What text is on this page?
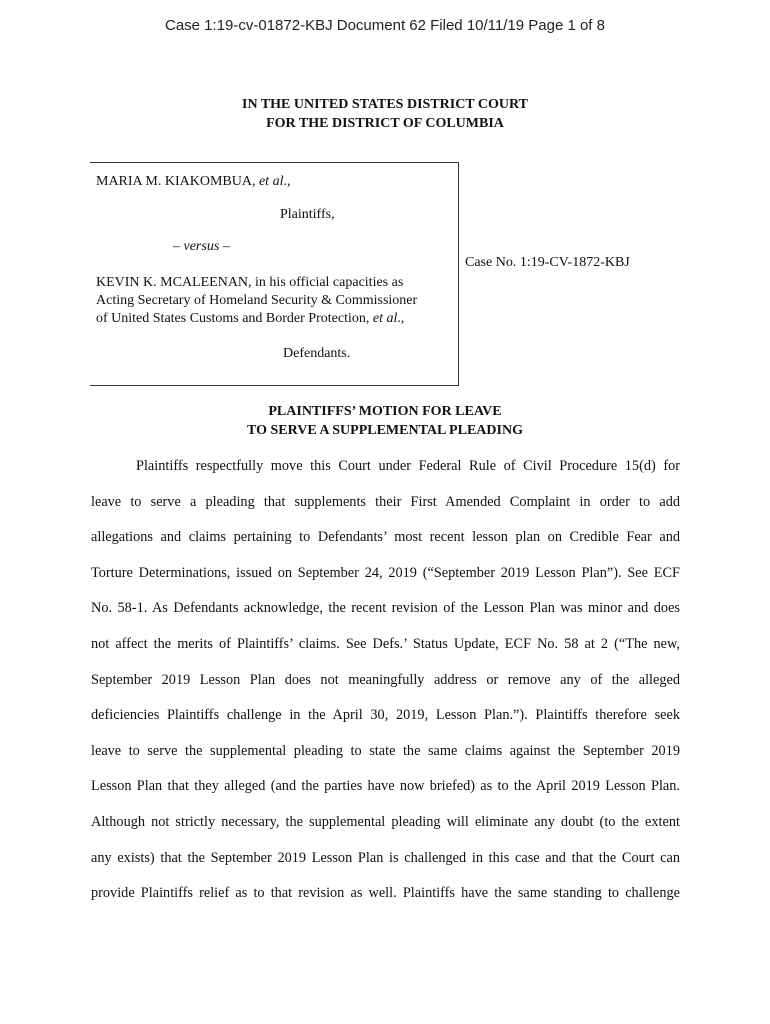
Case 1:19-cv-01872-KBJ Document 62 Filed 10/11/19 Page 1 of 8
IN THE UNITED STATES DISTRICT COURT
FOR THE DISTRICT OF COLUMBIA
MARIA M. KIAKOMBUA, et al.,
Plaintiffs,
– versus –
KEVIN K. MCALEENAN, in his official capacities as
Acting Secretary of Homeland Security & Commissioner
of United States Customs and Border Protection, et al.,
Defendants.
Case No. 1:19-CV-1872-KBJ
PLAINTIFFS’ MOTION FOR LEAVE
TO SERVE A SUPPLEMENTAL PLEADING
Plaintiffs respectfully move this Court under Federal Rule of Civil Procedure 15(d) for
leave to serve a pleading that supplements their First Amended Complaint in order to add
allegations and claims pertaining to Defendants’ most recent lesson plan on Credible Fear and
Torture Determinations, issued on September 24, 2019 (“September 2019 Lesson Plan”). See ECF
No. 58-1. As Defendants acknowledge, the recent revision of the Lesson Plan was minor and does
not affect the merits of Plaintiffs’ claims. See Defs.’ Status Update, ECF No. 58 at 2 (“The new,
September 2019 Lesson Plan does not meaningfully address or remove any of the alleged
deficiencies Plaintiffs challenge in the April 30, 2019, Lesson Plan.”). Plaintiffs therefore seek
leave to serve the supplemental pleading to state the same claims against the September 2019
Lesson Plan that they alleged (and the parties have now briefed) as to the April 2019 Lesson Plan.
Although not strictly necessary, the supplemental pleading will eliminate any doubt (to the extent
any exists) that the September 2019 Lesson Plan is challenged in this case and that the Court can
provide Plaintiffs relief as to that revision as well. Plaintiffs have the same standing to challenge
